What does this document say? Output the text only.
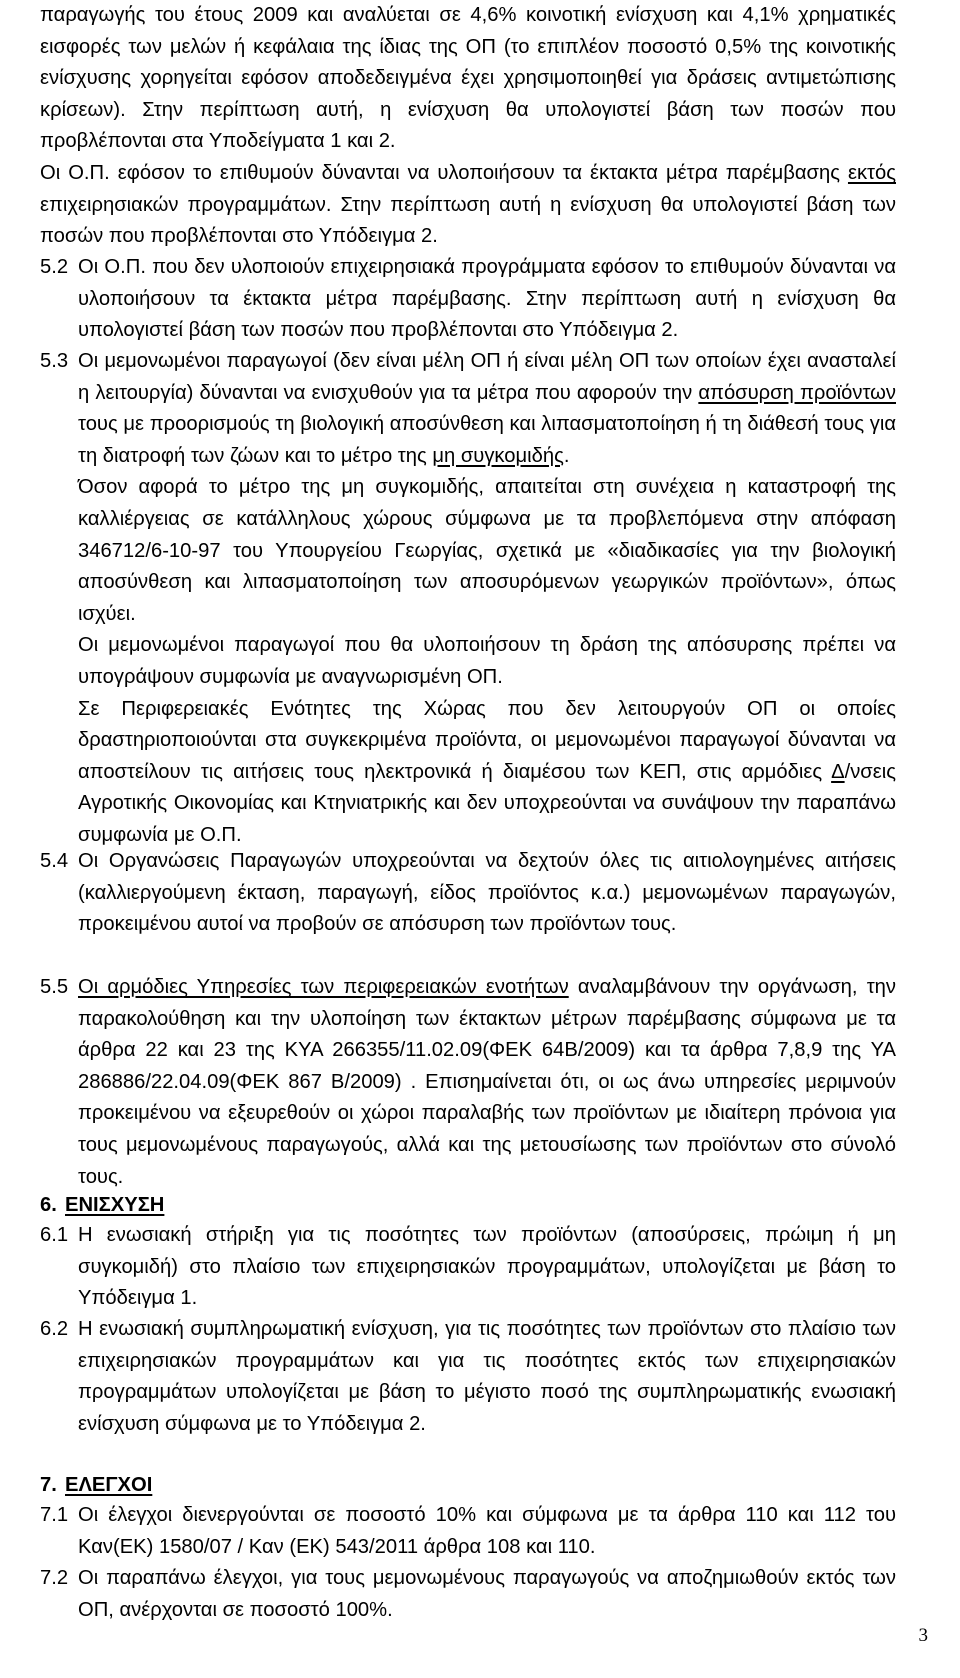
παραγωγής του έτους 2009 και αναλύεται σε 4,6% κοινοτική ενίσχυση και 4,1% χρηματικές εισφορές των μελών ή κεφάλαια της ίδιας της ΟΠ (το επιπλέον ποσοστό 0,5% της κοινοτικής ενίσχυσης χορηγείται εφόσον αποδεδειγμένα έχει χρησιμοποιηθεί για δράσεις αντιμετώπισης κρίσεων). Στην περίπτωση αυτή, η ενίσχυση θα υπολογιστεί βάση των ποσών που προβλέπονται στα Υποδείγματα 1 και 2.

Οι Ο.Π. εφόσον το επιθυμούν δύνανται να υλοποιήσουν τα έκτακτα μέτρα παρέμβασης εκτός επιχειρησιακών προγραμμάτων. Στην περίπτωση αυτή η ενίσχυση θα υπολογιστεί βάση των ποσών που προβλέπονται στο Υπόδειγμα 2.

5.2 Οι Ο.Π. που δεν υλοποιούν επιχειρησιακά προγράμματα εφόσον το επιθυμούν δύνανται να υλοποιήσουν τα έκτακτα μέτρα παρέμβασης. Στην περίπτωση αυτή η ενίσχυση θα υπολογιστεί βάση των ποσών που προβλέπονται στο Υπόδειγμα 2.
5.3 Οι μεμονωμένοι παραγωγοί (δεν είναι μέλη ΟΠ ή είναι μέλη ΟΠ των οποίων έχει ανασταλεί η λειτουργία) δύνανται να ενισχυθούν για τα μέτρα που αφορούν την απόσυρση προϊόντων τους με προορισμούς τη βιολογική αποσύνθεση και λιπασματοποίηση ή τη διάθεσή τους για τη διατροφή των ζώων και το μέτρο της μη συγκομιδής.
Όσον αφορά το μέτρο της μη συγκομιδής, απαιτείται στη συνέχεια η καταστροφή της καλλιέργειας σε κατάλληλους χώρους σύμφωνα με τα προβλεπόμενα στην απόφαση 346712/6-10-97 του Υπουργείου Γεωργίας, σχετικά με «διαδικασίες για την βιολογική αποσύνθεση και λιπασματοποίηση των αποσυρόμενων γεωργικών προϊόντων», όπως ισχύει.
Οι μεμονωμένοι παραγωγοί που θα υλοποιήσουν τη δράση της απόσυρσης πρέπει να υπογράψουν συμφωνία με αναγνωρισμένη ΟΠ.
Σε Περιφερειακές Ενότητες της Χώρας που δεν λειτουργούν ΟΠ οι οποίες δραστηριοποιούνται στα συγκεκριμένα προϊόντα, οι μεμονωμένοι παραγωγοί δύνανται να αποστείλουν τις αιτήσεις τους ηλεκτρονικά ή διαμέσου των ΚΕΠ, στις αρμόδιες Δ/νσεις Αγροτικής Οικονομίας και Κτηνιατρικής και δεν υποχρεούνται να συνάψουν την παραπάνω συμφωνία με Ο.Π.
5.4 Οι Οργανώσεις Παραγωγών υποχρεούνται να δεχτούν όλες τις αιτιολογημένες αιτήσεις (καλλιεργούμενη έκταση, παραγωγή, είδος προϊόντος κ.α.) μεμονωμένων παραγωγών, προκειμένου αυτοί να προβούν σε απόσυρση των προϊόντων τους.
5.5 Οι αρμόδιες Υπηρεσίες των περιφερειακών ενοτήτων αναλαμβάνουν την οργάνωση, την παρακολούθηση και την υλοποίηση των έκτακτων μέτρων παρέμβασης σύμφωνα με τα άρθρα 22 και 23 της ΚΥΑ 266355/11.02.09(ΦΕΚ 64Β/2009) και τα άρθρα 7,8,9 της ΥΑ 286886/22.04.09(ΦΕΚ 867 Β/2009) . Επισημαίνεται ότι, οι ως άνω υπηρεσίες μεριμνούν προκειμένου να εξευρεθούν οι χώροι παραλαβής των προϊόντων με ιδιαίτερη πρόνοια για τους μεμονωμένους παραγωγούς, αλλά και της μετουσίωσης των προϊόντων στο σύνολό τους.

6. ΕΝΙΣΧΥΣΗ

6.1 Η ενωσιακή στήριξη για τις ποσότητες των προϊόντων (αποσύρσεις, πρώιμη ή μη συγκομιδή) στο πλαίσιο των επιχειρησιακών προγραμμάτων, υπολογίζεται με βάση το Υπόδειγμα 1.
6.2 Η ενωσιακή συμπληρωματική ενίσχυση, για τις ποσότητες των προϊόντων στο πλαίσιο των επιχειρησιακών προγραμμάτων και για τις ποσότητες εκτός των επιχειρησιακών προγραμμάτων υπολογίζεται με βάση το μέγιστο ποσό της συμπληρωματικής ενωσιακή ενίσχυση σύμφωνα με το Υπόδειγμα 2.

7. ΕΛΕΓΧΟΙ

7.1 Οι έλεγχοι διενεργούνται σε ποσοστό 10% και σύμφωνα με τα άρθρα 110 και 112 του Καν(ΕΚ) 1580/07 / Καν (ΕΚ) 543/2011 άρθρα 108 και 110.
7.2 Οι παραπάνω έλεγχοι, για τους μεμονωμένους παραγωγούς να αποζημιωθούν εκτός των ΟΠ, ανέρχονται σε ποσοστό 100%.
3
